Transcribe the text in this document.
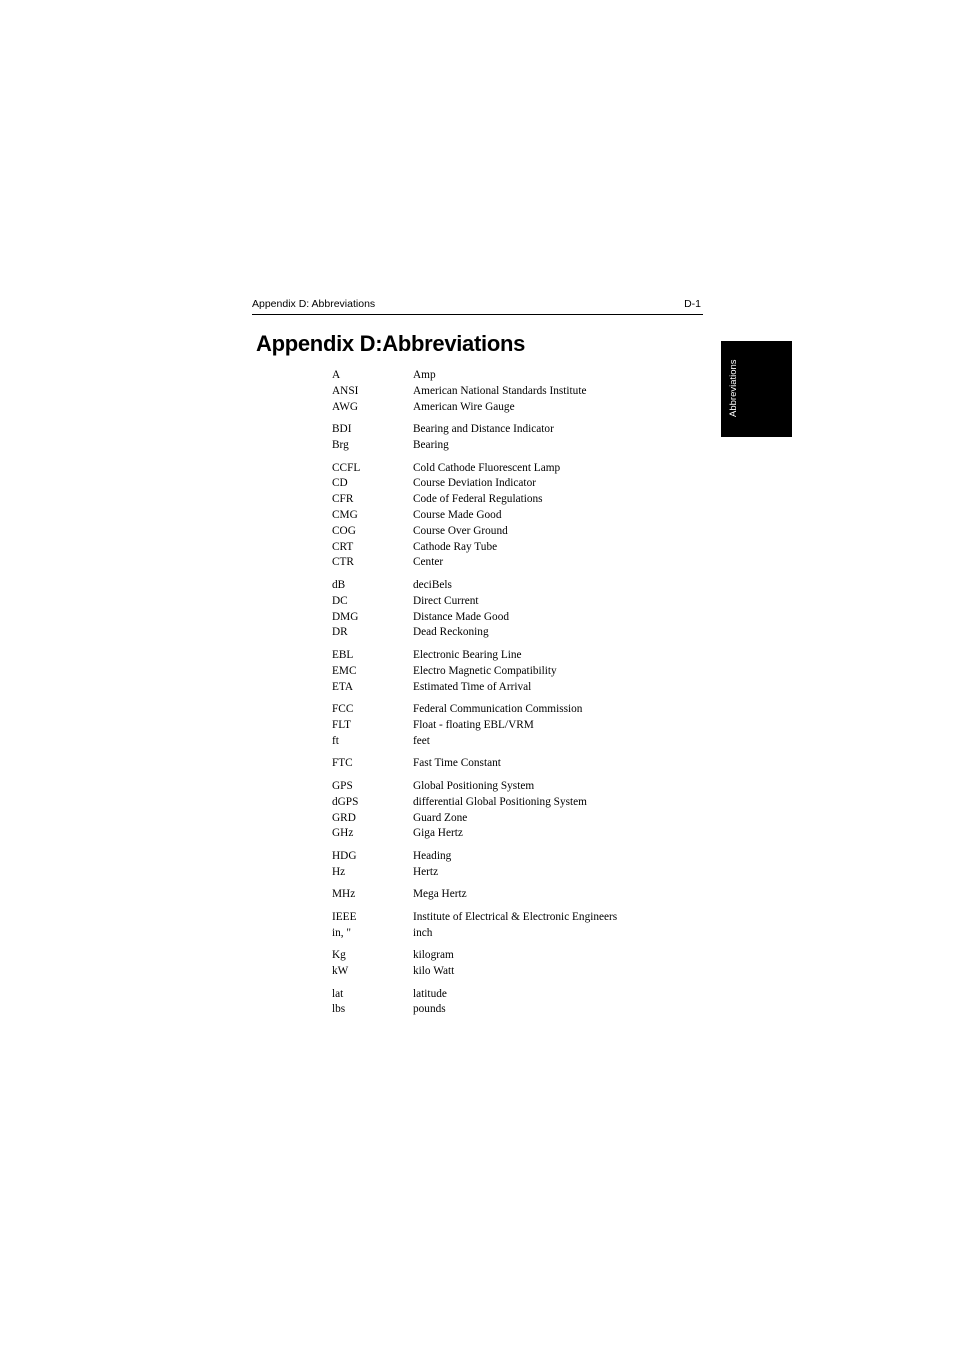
Appendix D: Abbreviations	D-1
Appendix D:Abbreviations
Abbreviations
A	Amp
ANSI	American National Standards Institute
AWG	American Wire Gauge
BDI	Bearing and Distance Indicator
Brg	Bearing
CCFL	Cold Cathode Fluorescent Lamp
CD	Course Deviation Indicator
CFR	Code of Federal Regulations
CMG	Course Made Good
COG	Course Over Ground
CRT	Cathode Ray Tube
CTR	Center
dB	deciBels
DC	Direct Current
DMG	Distance Made Good
DR	Dead Reckoning
EBL	Electronic Bearing Line
EMC	Electro Magnetic Compatibility
ETA	Estimated Time of Arrival
FCC	Federal Communication Commission
FLT	Float - floating EBL/VRM
ft	feet
FTC	Fast Time Constant
GPS	Global Positioning System
dGPS	differential Global Positioning System
GRD	Guard Zone
GHz	Giga Hertz
HDG	Heading
Hz	Hertz
MHz	Mega Hertz
IEEE	Institute of Electrical & Electronic Engineers
in, "	inch
Kg	kilogram
kW	kilo Watt
lat	latitude
lbs	pounds
